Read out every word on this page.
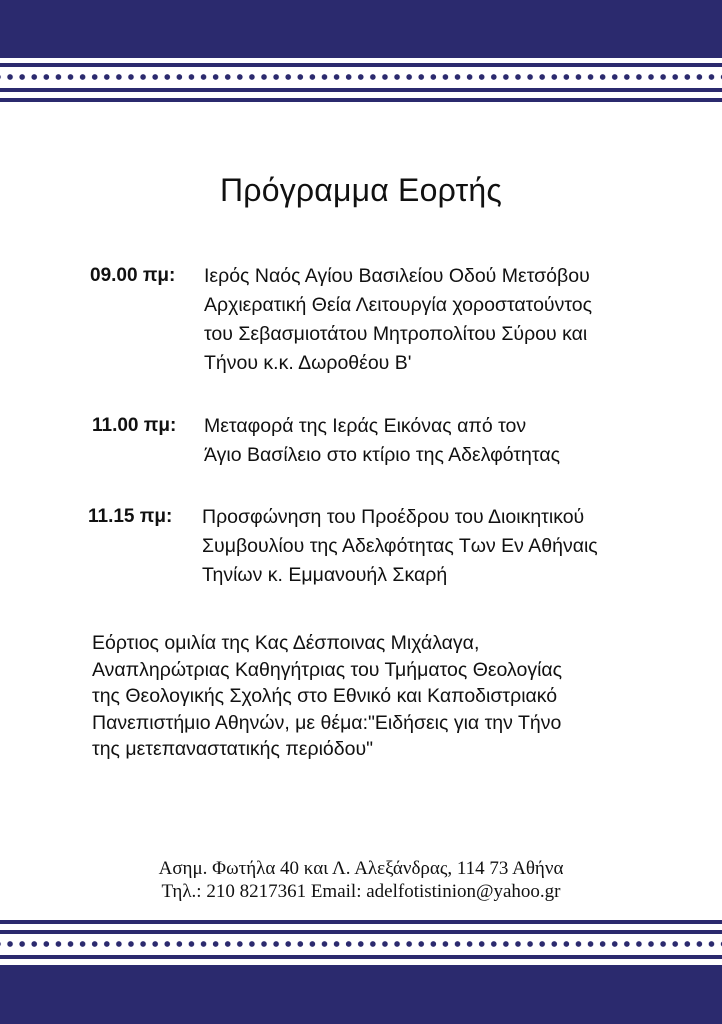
Πρόγραμμα Εορτής
09.00 πμ: Ιερός Ναός Αγίου Βασιλείου Οδού Μετσόβου
Αρχιερατική Θεία Λειτουργία χοροστατούντος
του Σεβασμιοτάτου Μητροπολίτου Σύρου και
Τήνου κ.κ. Δωροθέου Β'
11.00 πμ: Μεταφορά της Ιεράς Εικόνας από τον
Άγιο Βασίλειο στο κτίριο της Αδελφότητας
11.15 πμ: Προσφώνηση του Προέδρου του Διοικητικού
Συμβουλίου της Αδελφότητας Των Εν Αθήναις
Τηνίων κ. Εμμανουήλ Σκαρή
Εόρτιος ομιλία της Κας Δέσποινας Μιχάλαγα,
Αναπληρώτριας Καθηγήτριας του Τμήματος Θεολογίας
της Θεολογικής Σχολής στο Εθνικό και Καποδιστριακό
Πανεπιστήμιο Αθηνών, με θέμα:"Ειδήσεις για την Τήνο
της μετεπαναστατικής περιόδου"
Ασημ. Φωτήλα 40 και Λ. Αλεξάνδρας, 114 73 Αθήνα
Τηλ.: 210 8217361 Email: adelfotistinion@yahoo.gr
